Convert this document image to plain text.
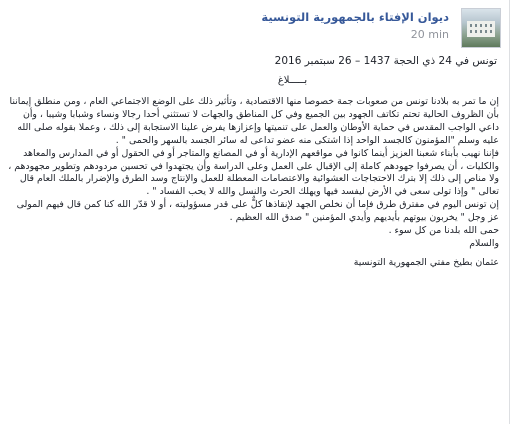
ديوان الإفتاء بالجمهورية التونسية
20 min

تونس في 24 ذي الحجة 1437 – 26 سبتمبر 2016

بـــــلاغ

إن ما تمر به بلادنا تونس من صعوبات جمة خصوصا منها الاقتصادية ، وتأثير ذلك على الوضع الاجتماعي العام ، ومن منطلق إيماننا بأن الظروف الحالية تحتم تكاتف الجهود بين الجميع وفي كل المناطق والجهات لا تستثني أحدا رجالا ونساء وشبابا وشيبا ، وأن داعي الواجب المقدس في حماية الأوطان والعمل على تنميتها وإعزازها يفرض علينا الاستجابة إلى ذلك ، وعملا بقوله صلى الله عليه وسلم "المؤمنون كالجسد الواحد إذا اشتكى منه عضو تداعى له سائر الجسد بالسهر والحمى " .

فإننا نهيب بأبناء شعبنا العزيز أينما كانوا في مواقعهم الإدارية أو في المصانع والمتاجر أو في الحقول أو في المدارس والمعاهد والكليات ، أن يصرفوا جهودهم كاملة إلى الإقبال على العمل وعلى الدراسة وأن يجتهدوا في تحسين مردودهم وتطوير مجهودهم ، ولا مناص إلى ذلك إلا بترك الاحتجاجات العشوائية والاعتصامات المعطلة للعمل والإنتاج وسد الطرق والإضرار بالملك العام قال تعالى " وإذا تولى سعى في الأرض ليفسد فيها ويهلك الحرث والنسل والله لا يحب الفساد " .

إن تونس اليوم في مفترق طرق فإما أن نخلص الجهد لإنقاذها كلٌّ على قدر مسؤوليته ، أو لا قدّر الله كنا كمن قال فيهم المولى عز وجل " يخربون بيوتهم بأيديهم وأيدي المؤمنين " صدق الله العظيم .

حمى الله بلدنا من كل سوء .

والسلام

عثمان بطيخ مفتي الجمهورية التونسية
